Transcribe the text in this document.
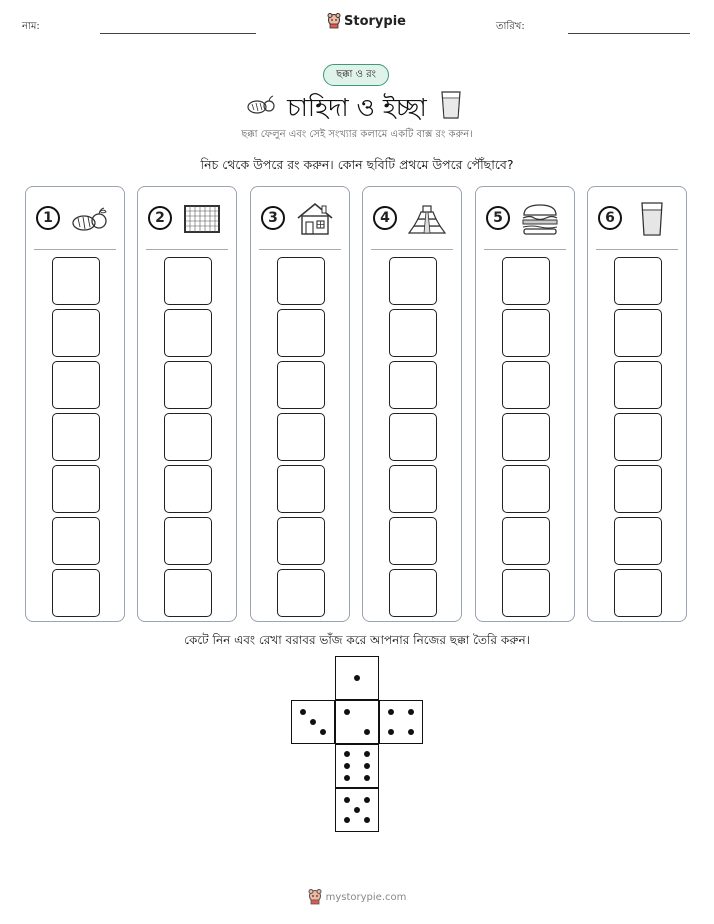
নাম:	Storypie	তারিখ:
ছক্কা ও রং
চাহিদা ও ইচ্ছা
ছক্কা ফেলুন এবং সেই সংখ্যার কলামে একটি বাক্স রং করুন।
নিচ থেকে উপরে রং করুন। কোন ছবিটি প্রথমে উপরে পৌঁছাবে?
1	2	3	4	5	6
কেটে নিন এবং রেখা বরাবর ভাঁজ করে আপনার নিজের ছক্কা তৈরি করুন।
mystorypie.com
